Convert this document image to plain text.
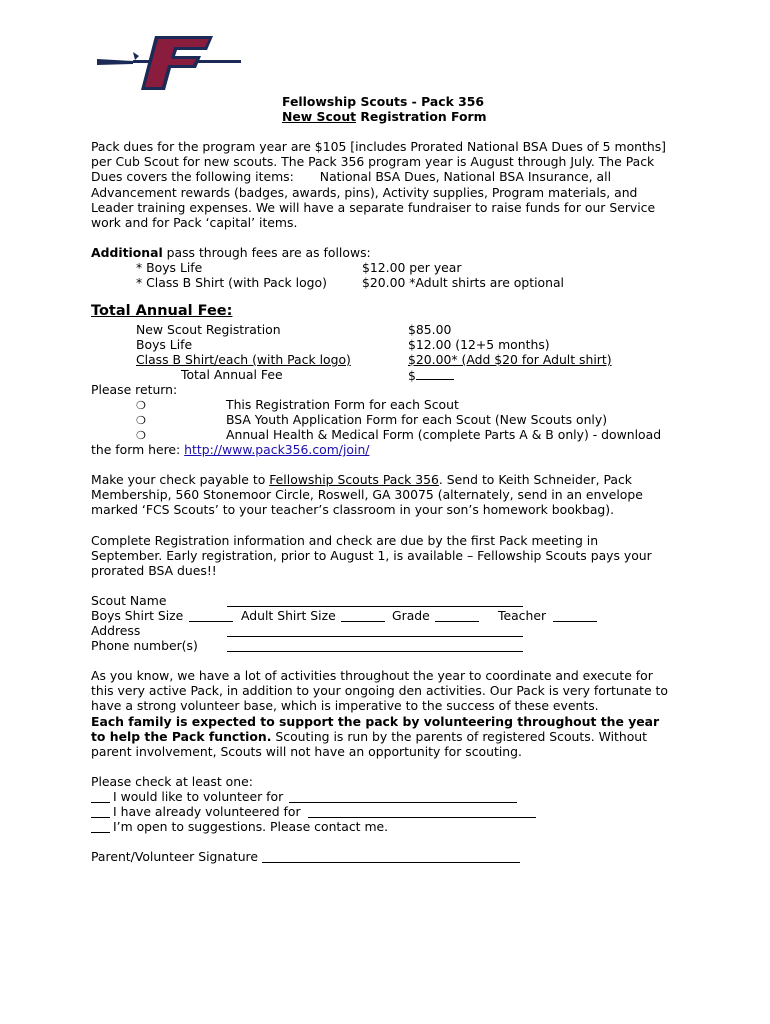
Fellowship Scouts - Pack 356
New Scout Registration Form
Pack dues for the program year are $105 [includes Prorated National BSA Dues of 5 months]
per Cub Scout for new scouts. The Pack 356 program year is August through July. The Pack
Dues covers the following items: National BSA Dues, National BSA Insurance, all
Advancement rewards (badges, awards, pins), Activity supplies, Program materials, and
Leader training expenses. We will have a separate fundraiser to raise funds for our Service
work and for Pack ‘capital’ items.
Additional pass through fees are as follows:
* Boys Life	$12.00 per year
* Class B Shirt (with Pack logo)	$20.00 *Adult shirts are optional
Total Annual Fee:
New Scout Registration	$85.00
Boys Life	$12.00 (12+5 months)
Class B Shirt/each (with Pack logo)	$20.00* (Add $20 for Adult shirt)
Total Annual Fee	$
Please return:
❍	This Registration Form for each Scout
❍	BSA Youth Application Form for each Scout (New Scouts only)
❍	Annual Health & Medical Form (complete Parts A & B only) - download
the form here: http://www.pack356.com/join/
Make your check payable to Fellowship Scouts Pack 356. Send to Keith Schneider, Pack
Membership, 560 Stonemoor Circle, Roswell, GA 30075 (alternately, send in an envelope
marked ‘FCS Scouts’ to your teacher’s classroom in your son’s homework bookbag).
Complete Registration information and check are due by the first Pack meeting in
September. Early registration, prior to August 1, is available – Fellowship Scouts pays your
prorated BSA dues!!
Scout Name
Boys Shirt Size	Adult Shirt Size	Grade	Teacher
Address
Phone number(s)
As you know, we have a lot of activities throughout the year to coordinate and execute for
this very active Pack, in addition to your ongoing den activities. Our Pack is very fortunate to
have a strong volunteer base, which is imperative to the success of these events.
Each family is expected to support the pack by volunteering throughout the year
to help the Pack function. Scouting is run by the parents of registered Scouts. Without
parent involvement, Scouts will not have an opportunity for scouting.
Please check at least one:
I would like to volunteer for
I have already volunteered for
I’m open to suggestions. Please contact me.
Parent/Volunteer Signature
